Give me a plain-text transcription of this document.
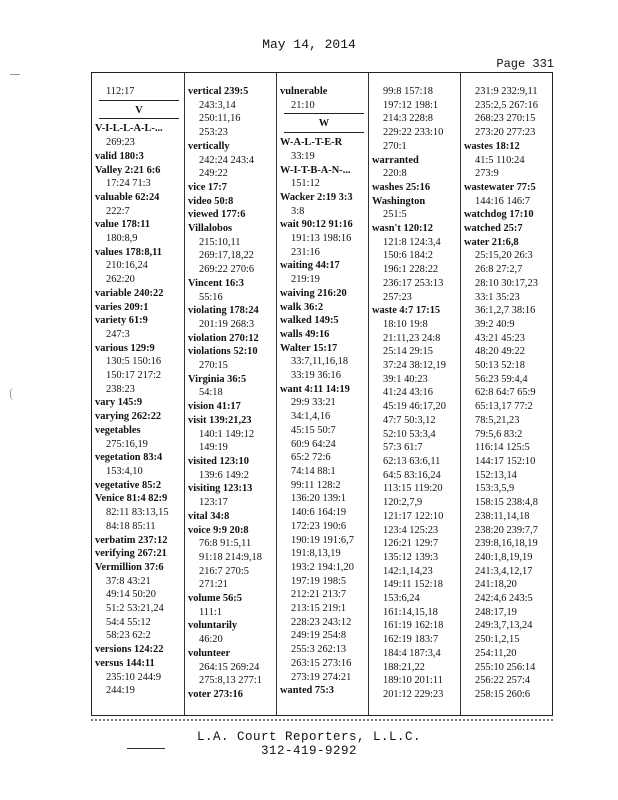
May 14, 2014
Page 331
112:17
V
V-I-L-L-A-L-...
269:23
valid 180:3
Valley 2:21 6:6
17:24 71:3
valuable 62:24
222:7
value 178:11
180:8,9
values 178:8,11
210:16,24
262:20
variable 240:22
varies 209:1
variety 61:9
247:3
various 129:9
130:5 150:16
150:17 217:2
238:23
vary 145:9
varying 262:22
vegetables
275:16,19
vegetation 83:4
153:4,10
vegetative 85:2
Venice 81:4 82:9
82:11 83:13,15
84:18 85:11
verbatim 237:12
verifying 267:21
Vermillion 37:6
37:8 43:21
49:14 50:20
51:2 53:21,24
54:4 55:12
58:23 62:2
versions 124:22
versus 144:11
235:10 244:9
244:19
vertical 239:5
243:3,14
250:11,16
253:23
vertically
242:24 243:4
249:22
vice 17:7
video 50:8
viewed 177:6
Villalobos
215:10,11
269:17,18,22
269:22 270:6
Vincent 16:3
55:16
violating 178:24
201:19 268:3
violation 270:12
violations 52:10
270:15
Virginia 36:5
54:18
vision 41:17
visit 139:21,23
140:1 149:12
149:19
visited 123:10
139:6 149:2
visiting 123:13
123:17
vital 34:8
voice 9:9 20:8
76:8 91:5,11
91:18 214:9,18
216:7 270:5
271:21
volume 56:5
111:1
voluntarily
46:20
volunteer
264:15 269:24
275:8,13 277:1
voter 273:16
vulnerable
21:10
W
W-A-L-T-E-R
33:19
W-I-T-B-A-N-...
151:12
Wacker 2:19 3:3
3:8
wait 90:12 91:16
191:13 198:16
231:16
waiting 44:17
219:19
waiving 216:20
walk 36:2
walked 149:5
walls 49:16
Walter 15:17
33:7,11,16,18
33:19 36:16
want 4:11 14:19
29:9 33:21
34:1,4,16
45:15 50:7
60:9 64:24
65:2 72:6
74:14 88:1
99:11 128:2
136:20 139:1
140:6 164:19
172:23 190:6
190:19 191:6,7
191:8,13,19
193:2 194:1,20
197:19 198:5
212:21 213:7
213:15 219:1
228:23 243:12
249:19 254:8
255:3 262:13
263:15 273:16
273:19 274:21
wanted 75:3
99:8 157:18
197:12 198:1
214:3 228:8
229:22 233:10
270:1
warranted
220:8
washes 25:16
Washington
251:5
wasn't 120:12
121:8 124:3,4
150:6 184:2
196:1 228:22
236:17 253:13
257:23
waste 4:7 17:15
18:10 19:8
21:11,23 24:8
25:14 29:15
37:24 38:12,19
39:1 40:23
41:24 43:16
45:19 46:17,20
47:7 50:3,12
52:10 53:3,4
57:3 61:7
62:13 63:6,11
64:5 83:16,24
113:15 119:20
120:2,7,9
121:17 122:10
123:4 125:23
126:21 129:7
135:12 139:3
142:1,14,23
149:11 152:18
153:6,24
161:14,15,18
161:19 162:18
162:19 183:7
184:4 187:3,4
188:21,22
189:10 201:11
201:12 229:23
231:9 232:9,11
235:2,5 267:16
268:23 270:15
273:20 277:23
wastes 18:12
41:5 110:24
273:9
wastewater 77:5
144:16 146:7
watchdog 17:10
watched 25:7
water 21:6,8
25:15,20 26:3
26:8 27:2,7
28:10 30:17,23
33:1 35:23
36:1,2,7 38:16
39:2 40:9
43:21 45:23
48:20 49:22
50:13 52:18
56:23 59:4,4
62:8 64:7 65:9
65:13,17 77:2
78:5,21,23
79:5,6 83:2
116:14 125:5
144:17 152:10
152:13,14
153:3,5,9
158:15 238:4,8
238:11,14,18
238:20 239:7,7
239:8,16,18,19
240:1,8,19,19
241:3,4,12,17
241:18,20
242:4,6 243:5
248:17,19
249:3,7,13,24
250:1,2,15
254:11,20
255:10 256:14
256:22 257:4
258:15 260:6
L.A. Court Reporters, L.L.C.
312-419-9292
